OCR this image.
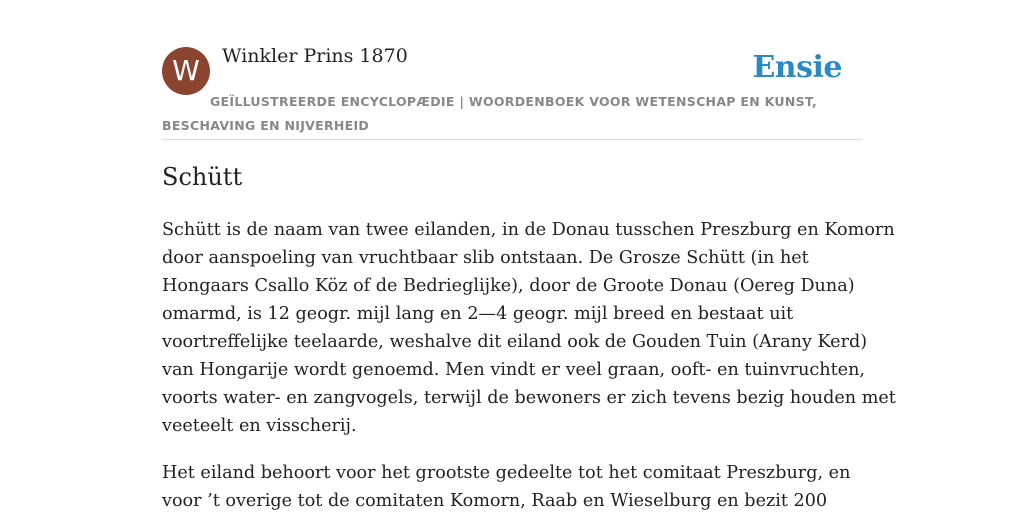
W Winkler Prins 1870	Ensie
GEÏLLUSTREERDE ENCYCLOPÆDIE | WOORDENBOEK VOOR WETENSCHAP EN KUNST, BESCHAVING EN NIJVERHEID
Schütt

Schütt is de naam van twee eilanden, in de Donau tusschen Preszburg en Komorn
door aanspoeling van vruchtbaar slib ontstaan. De Grosze Schütt (in het
Hongaars Csallo Köz of de Bedrieglijke), door de Groote Donau (Oereg Duna)
omarmd, is 12 geogr. mijl lang en 2—4 geogr. mijl breed en bestaat uit
voortreffelijke teelaarde, weshalve dit eiland ook de Gouden Tuin (Arany Kerd)
van Hongarije wordt genoemd. Men vindt er veel graan, ooft- en tuinvruchten,
voorts water- en zangvogels, terwijl de bewoners er zich tevens bezig houden met
veeteelt en visscherij.

Het eiland behoort voor het grootste gedeelte tot het comitaat Preszburg, en
voor ’t overige tot de comitaten Komorn, Raab en Wieselburg en bezit 200
